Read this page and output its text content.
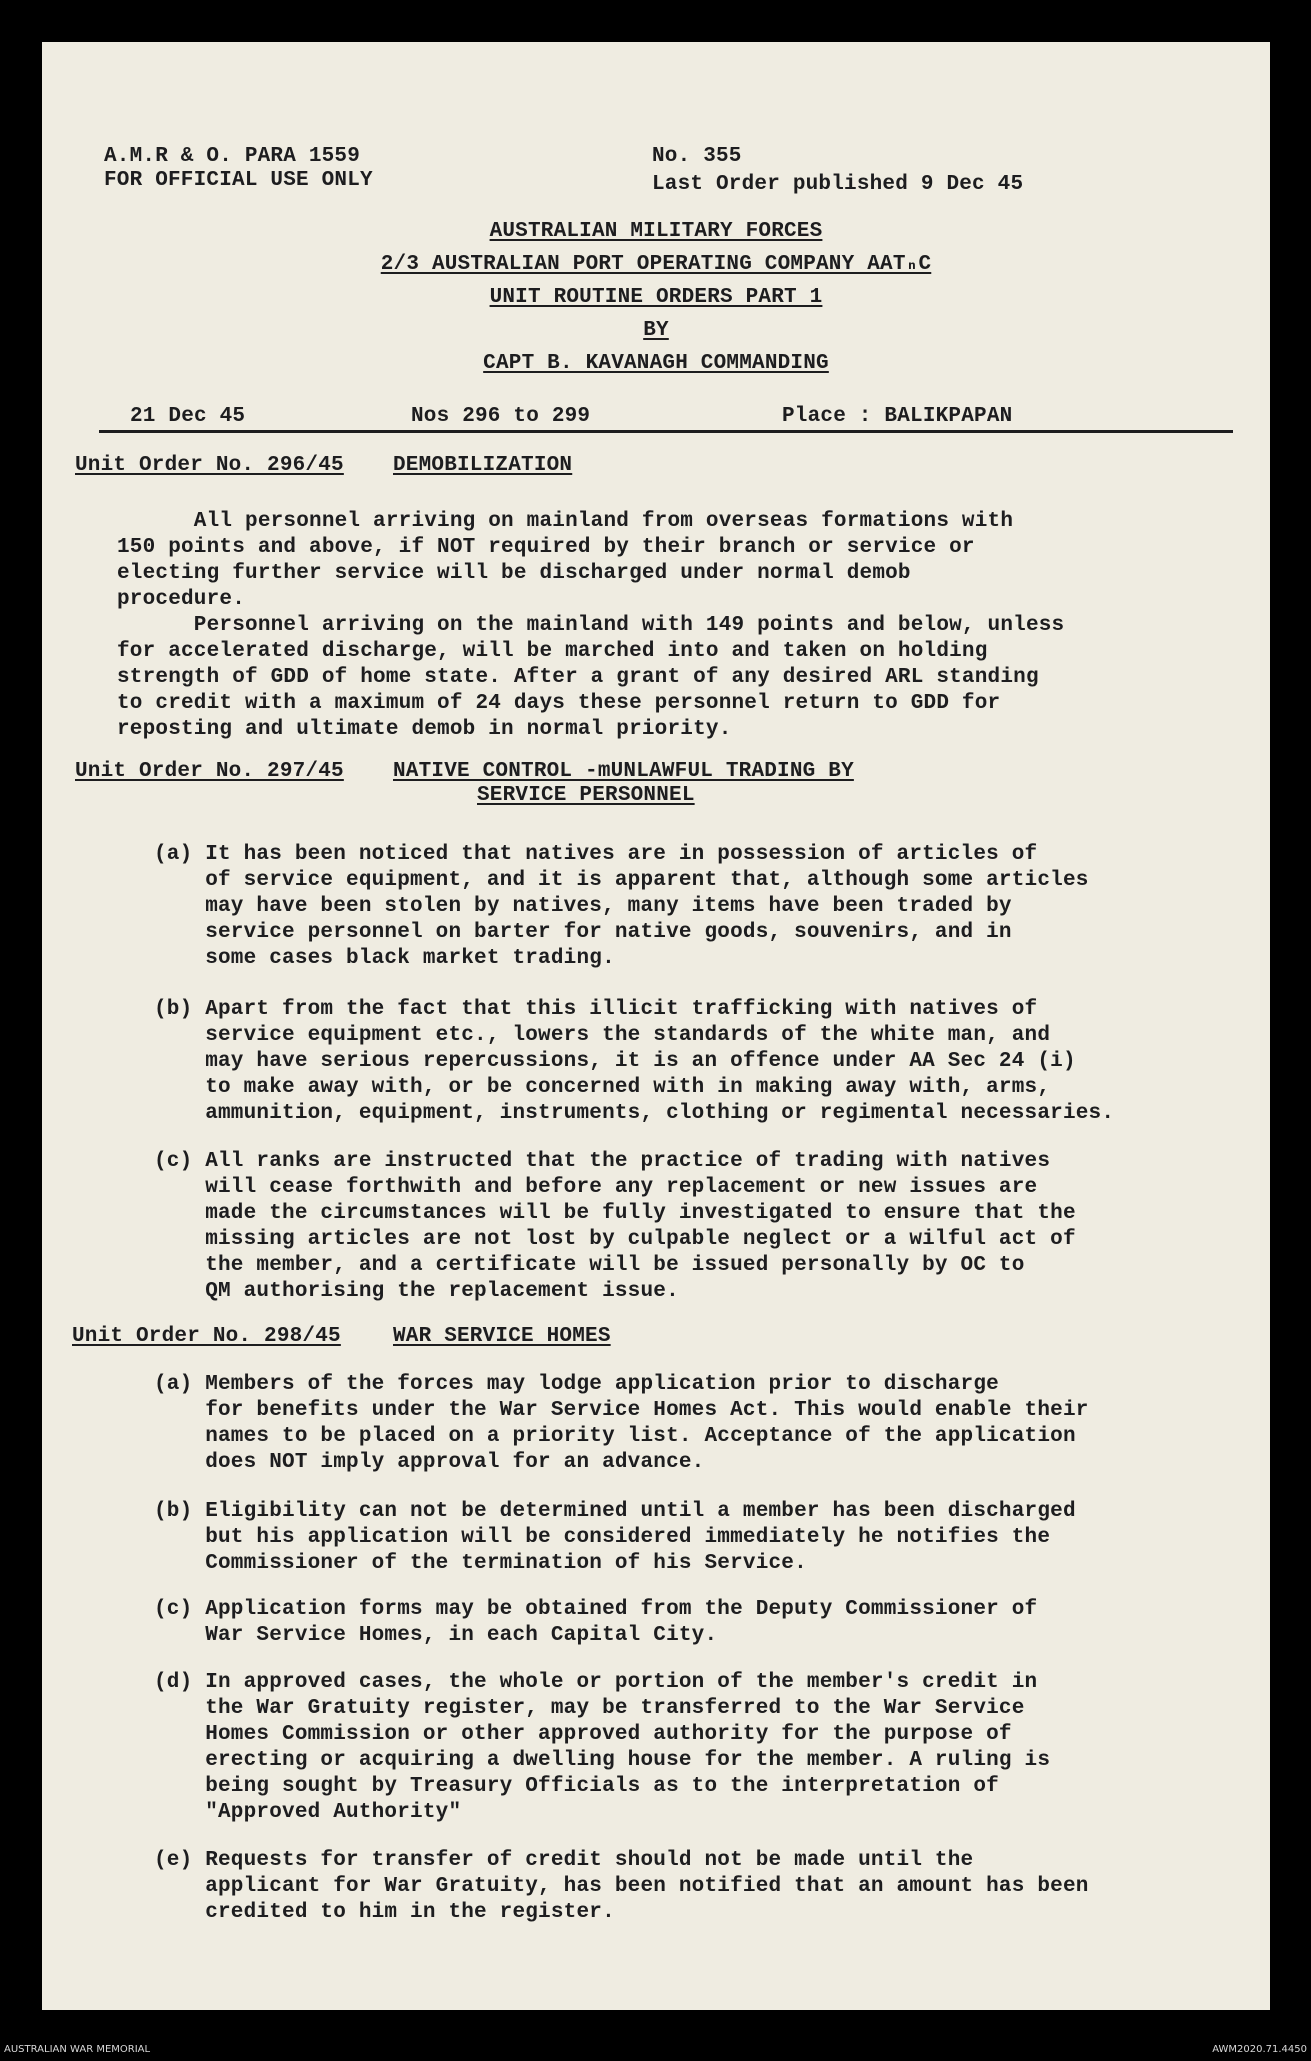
A.M.R & O. PARA 1559
FOR OFFICIAL USE ONLY
No. 355
Last Order published 9 Dec 45
AUSTRALIAN MILITARY FORCES
2/3 AUSTRALIAN PORT OPERATING COMPANY AATₙC
UNIT ROUTINE ORDERS PART 1
BY
CAPT B. KAVANAGH COMMANDING
21 Dec 45	Nos 296 to 299	Place : BALIKPAPAN
Unit Order No. 296/45 DEMOBILIZATION
All personnel arriving on mainland from overseas formations with
150 points and above, if NOT required by their branch or service or
electing further service will be discharged under normal demob
procedure.
Personnel arriving on the mainland with 149 points and below, unless
for accelerated discharge, will be marched into and taken on holding
strength of GDD of home state. After a grant of any desired ARL standing
to credit with a maximum of 24 days these personnel return to GDD for
reposting and ultimate demob in normal priority.
Unit Order No. 297/45 NATIVE CONTROL -mUNLAWFUL TRADING BY
SERVICE PERSONNEL
(a) It has been noticed that natives are in possession of articles of
of service equipment, and it is apparent that, although some articles
may have been stolen by natives, many items have been traded by
service personnel on barter for native goods, souvenirs, and in
some cases black market trading.
(b) Apart from the fact that this illicit trafficking with natives of
service equipment etc., lowers the standards of the white man, and
may have serious repercussions, it is an offence under AA Sec 24 (i)
to make away with, or be concerned with in making away with, arms,
ammunition, equipment, instruments, clothing or regimental necessaries.
(c) All ranks are instructed that the practice of trading with natives
will cease forthwith and before any replacement or new issues are
made the circumstances will be fully investigated to ensure that the
missing articles are not lost by culpable neglect or a wilful act of
the member, and a certificate will be issued personally by OC to
QM authorising the replacement issue.
Unit Order No. 298/45 WAR SERVICE HOMES
(a) Members of the forces may lodge application prior to discharge
for benefits under the War Service Homes Act. This would enable their
names to be placed on a priority list. Acceptance of the application
does NOT imply approval for an advance.
(b) Eligibility can not be determined until a member has been discharged
but his application will be considered immediately he notifies the
Commissioner of the termination of his Service.
(c) Application forms may be obtained from the Deputy Commissioner of
War Service Homes, in each Capital City.
(d) In approved cases, the whole or portion of the member's credit in
the War Gratuity register, may be transferred to the War Service
Homes Commission or other approved authority for the purpose of
erecting or acquiring a dwelling house for the member. A ruling is
being sought by Treasury Officials as to the interpretation of
"Approved Authority"
(e) Requests for transfer of credit should not be made until the
applicant for War Gratuity, has been notified that an amount has been
credited to him in the register.
AUSTRALIAN WAR MEMORIAL	AWM2020.71.4450
